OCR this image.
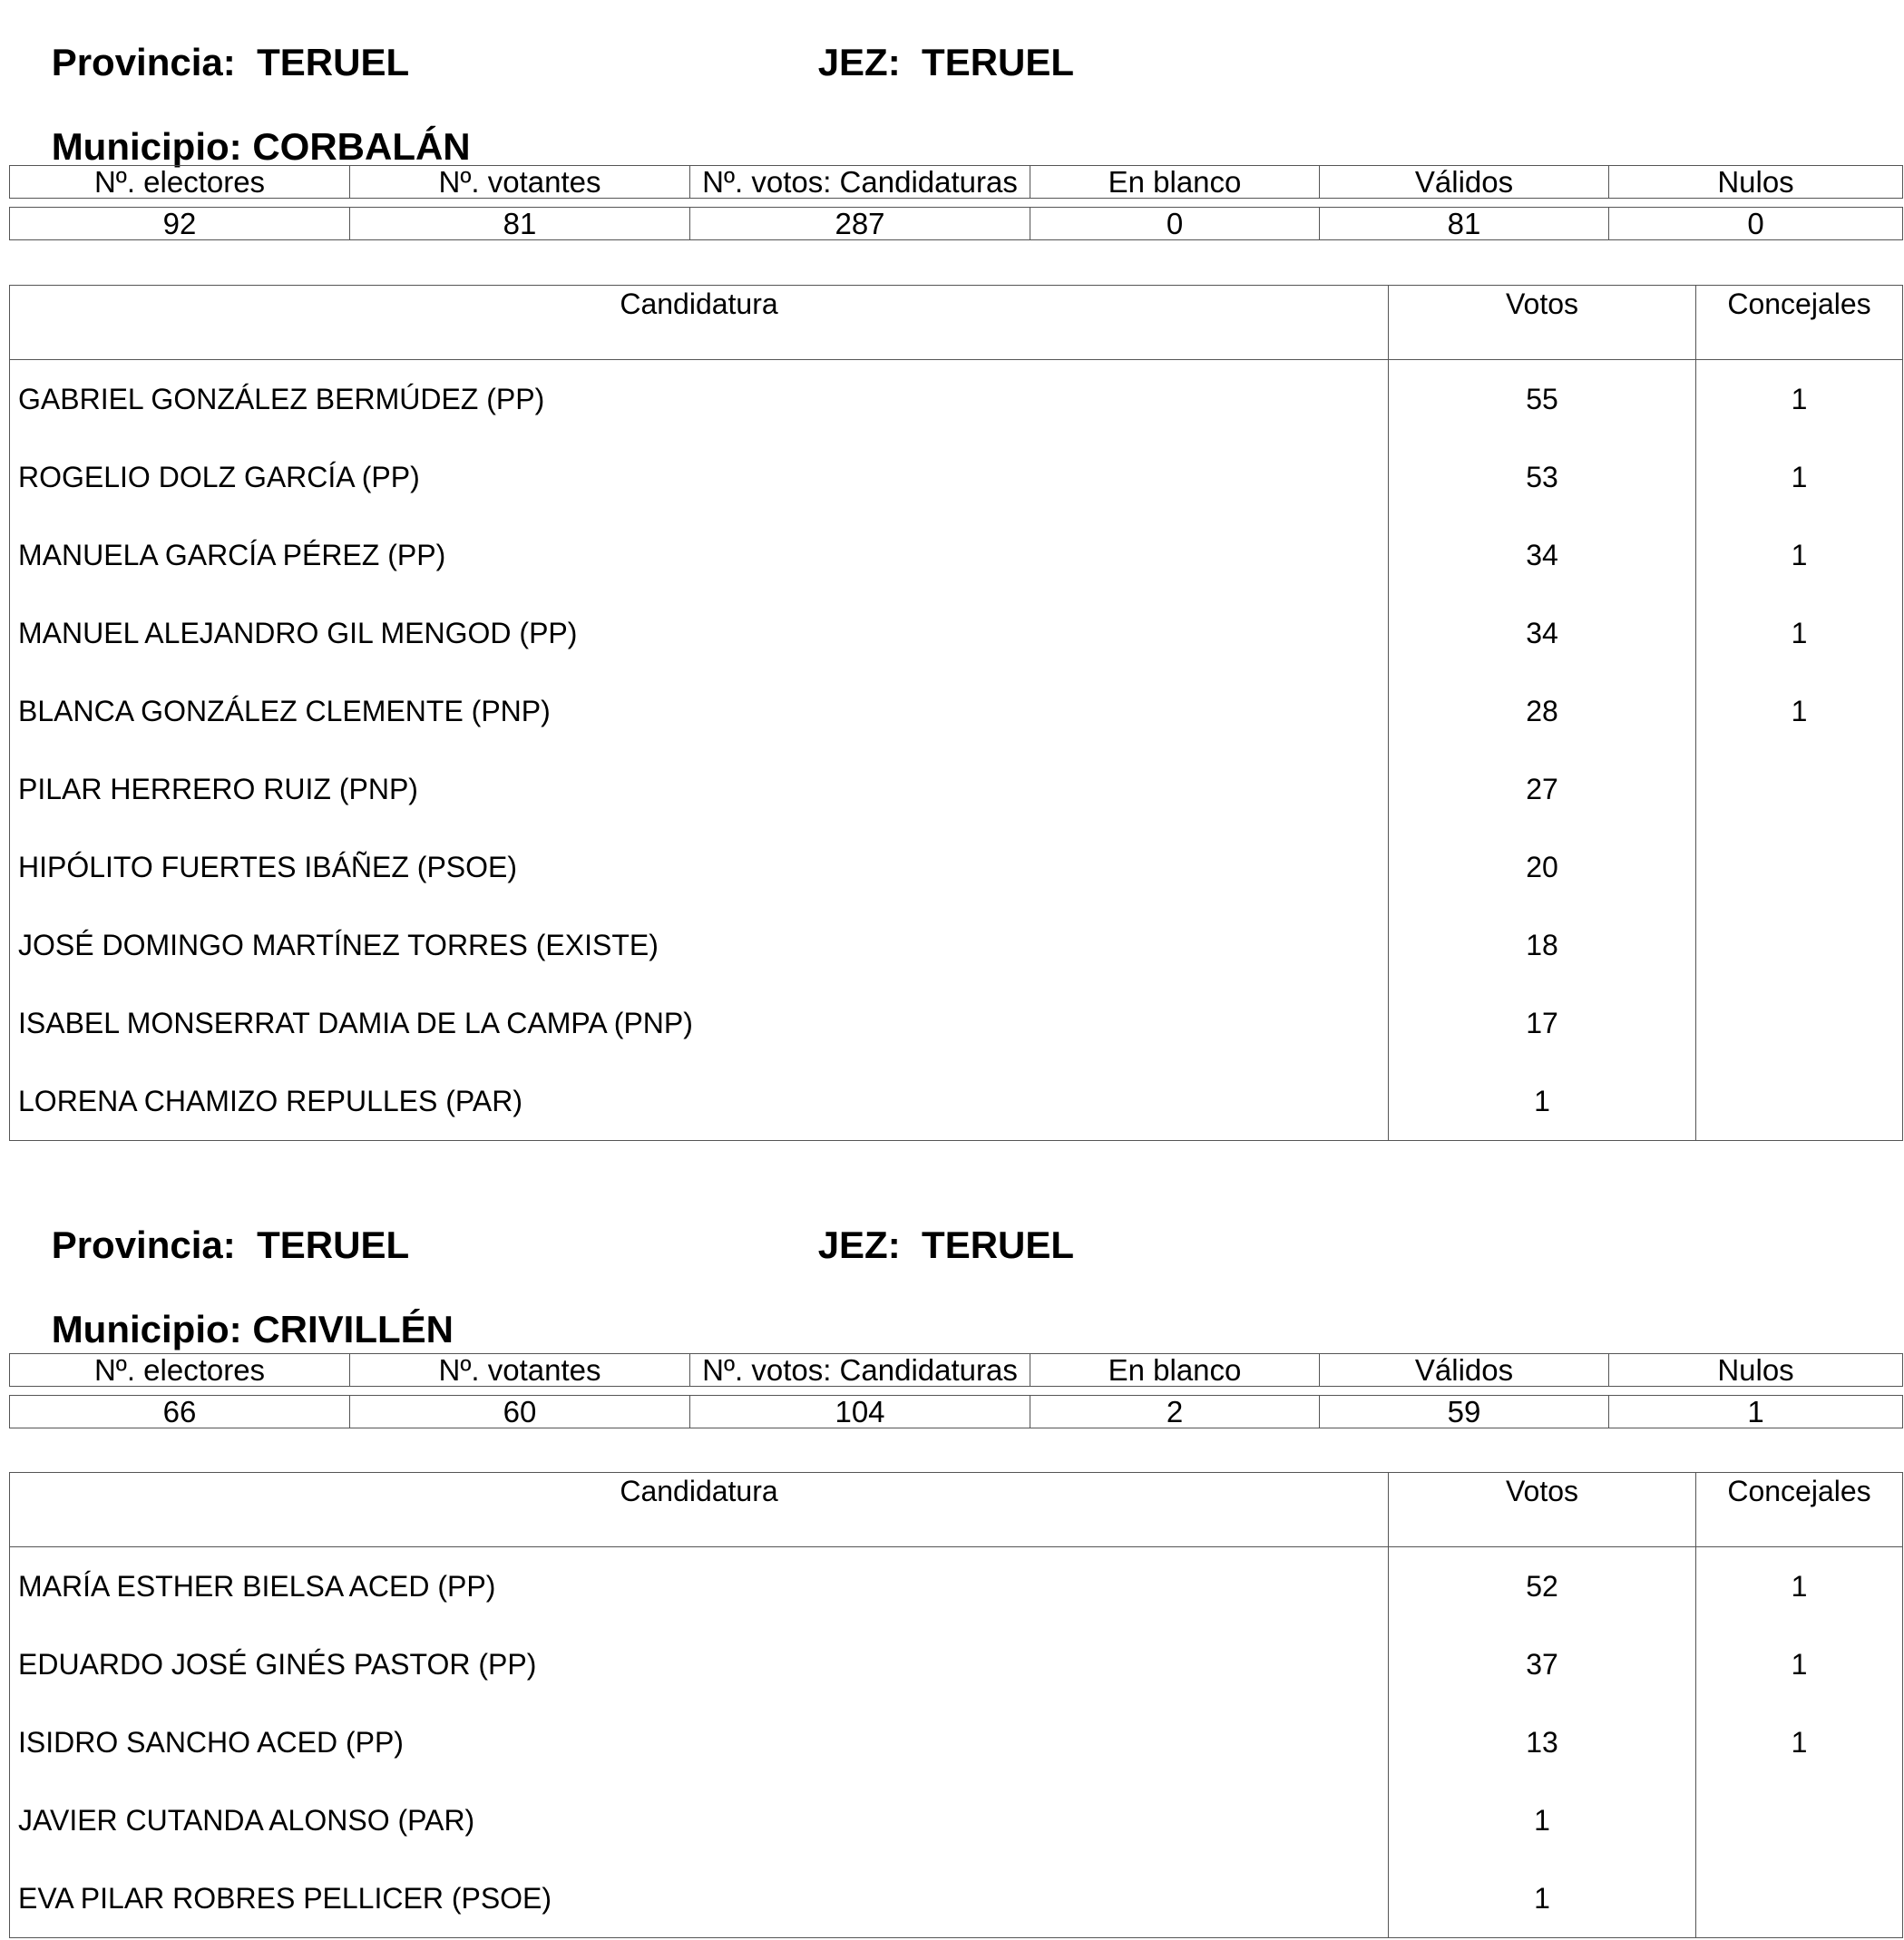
Provincia: TERUEL
	JEZ: TERUEL

Municipio: CORBALÁN

Nº. electores	Nº. votantes	Nº. votos: Candidaturas	En blanco	Válidos	Nulos

92	81	287	0	81	0
Candidatura	Votos	Concejales
GABRIEL GONZÁLEZ BERMÚDEZ (PP)	55	1
ROGELIO DOLZ GARCÍA (PP)	53	1
MANUELA GARCÍA PÉREZ (PP)	34	1
MANUEL ALEJANDRO GIL MENGOD (PP)	34	1
BLANCA GONZÁLEZ CLEMENTE (PNP)	28	1
PILAR HERRERO RUIZ (PNP)	27	
HIPÓLITO FUERTES IBÁÑEZ (PSOE)	20	
JOSÉ DOMINGO MARTÍNEZ TORRES (EXISTE)	18	
ISABEL MONSERRAT DAMIA DE LA CAMPA (PNP)	17	
LORENA CHAMIZO REPULLES (PAR)	1	

Provincia: TERUEL
	JEZ: TERUEL

Municipio: CRIVILLÉN

Nº. electores	Nº. votantes	Nº. votos: Candidaturas	En blanco	Válidos	Nulos

66	60	104	2	59	1
Candidatura	Votos	Concejales
MARÍA ESTHER BIELSA ACED (PP)	52	1
EDUARDO JOSÉ GINÉS PASTOR (PP)	37	1
ISIDRO SANCHO ACED (PP)	13	1
JAVIER CUTANDA ALONSO (PAR)	1	
EVA PILAR ROBRES PELLICER (PSOE)	1	
